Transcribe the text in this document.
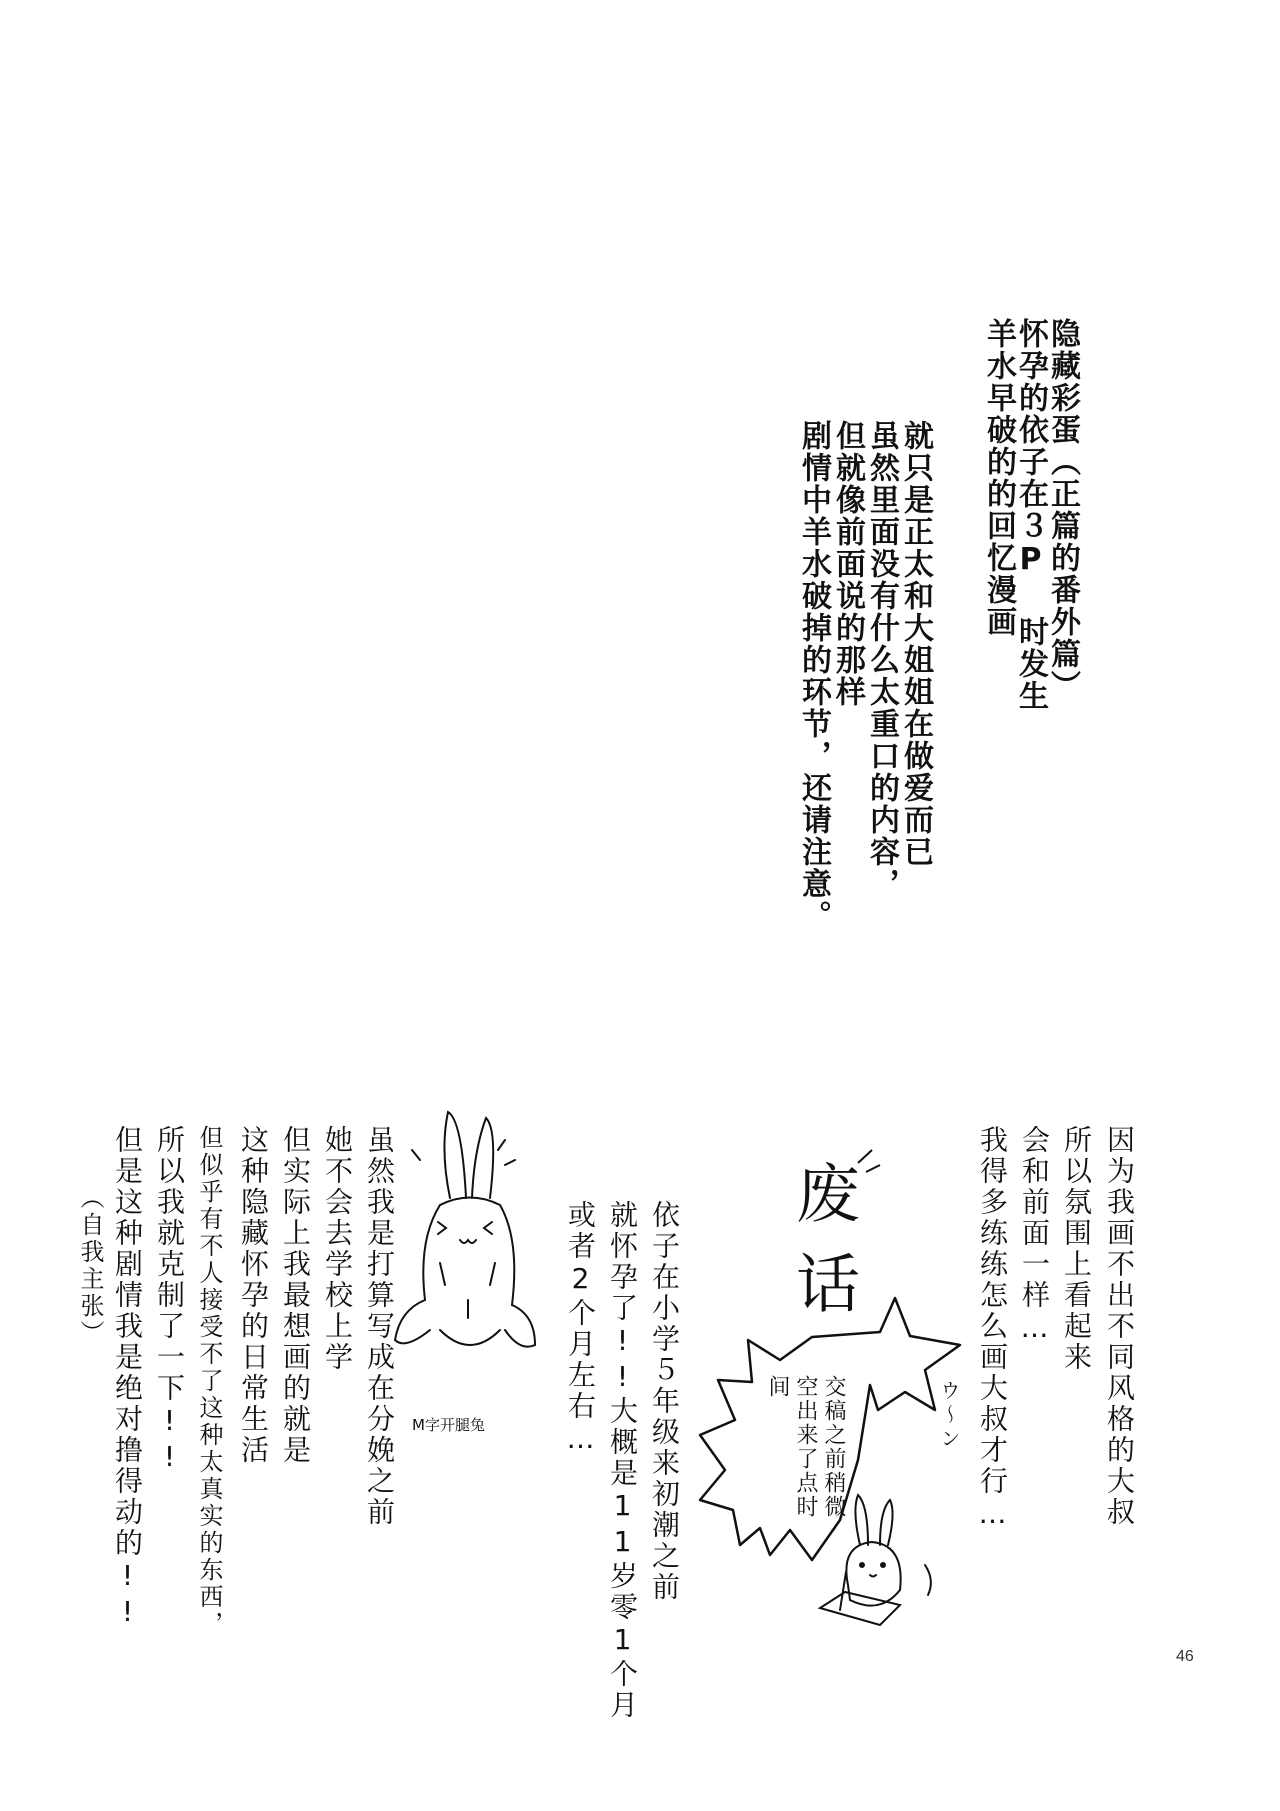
隐藏彩蛋（正篇的番外篇）
怀孕的依子在３P 时发生
羊水早破的的回忆漫画
就只是正太和大姐姐在做爱而已
虽然里面没有什么太重口的内容，
但就像前面说的那样
剧情中羊水破掉的环节，还请注意。
废
话	因为我画不出不同风格的大叔
所以氛围上看起来
会和前面一样…
我得多练练怎么画大叔才行…
交稿之前稍微
空出来了点时
间	ウ〜ン
依子在小学５年级来初潮之前
就怀孕了!!大概是11岁零1个月
或者2个月左右…
M字开腿兔
虽然我是打算写成在分娩之前
她不会去学校上学
但实际上我最想画的就是
这种隐藏怀孕的日常生活
但似乎有不人接受不了这种太真实的东西，
所以我就克制了一下!!
但是这种剧情我是绝对撸得动的!!
（自我主张）
46
